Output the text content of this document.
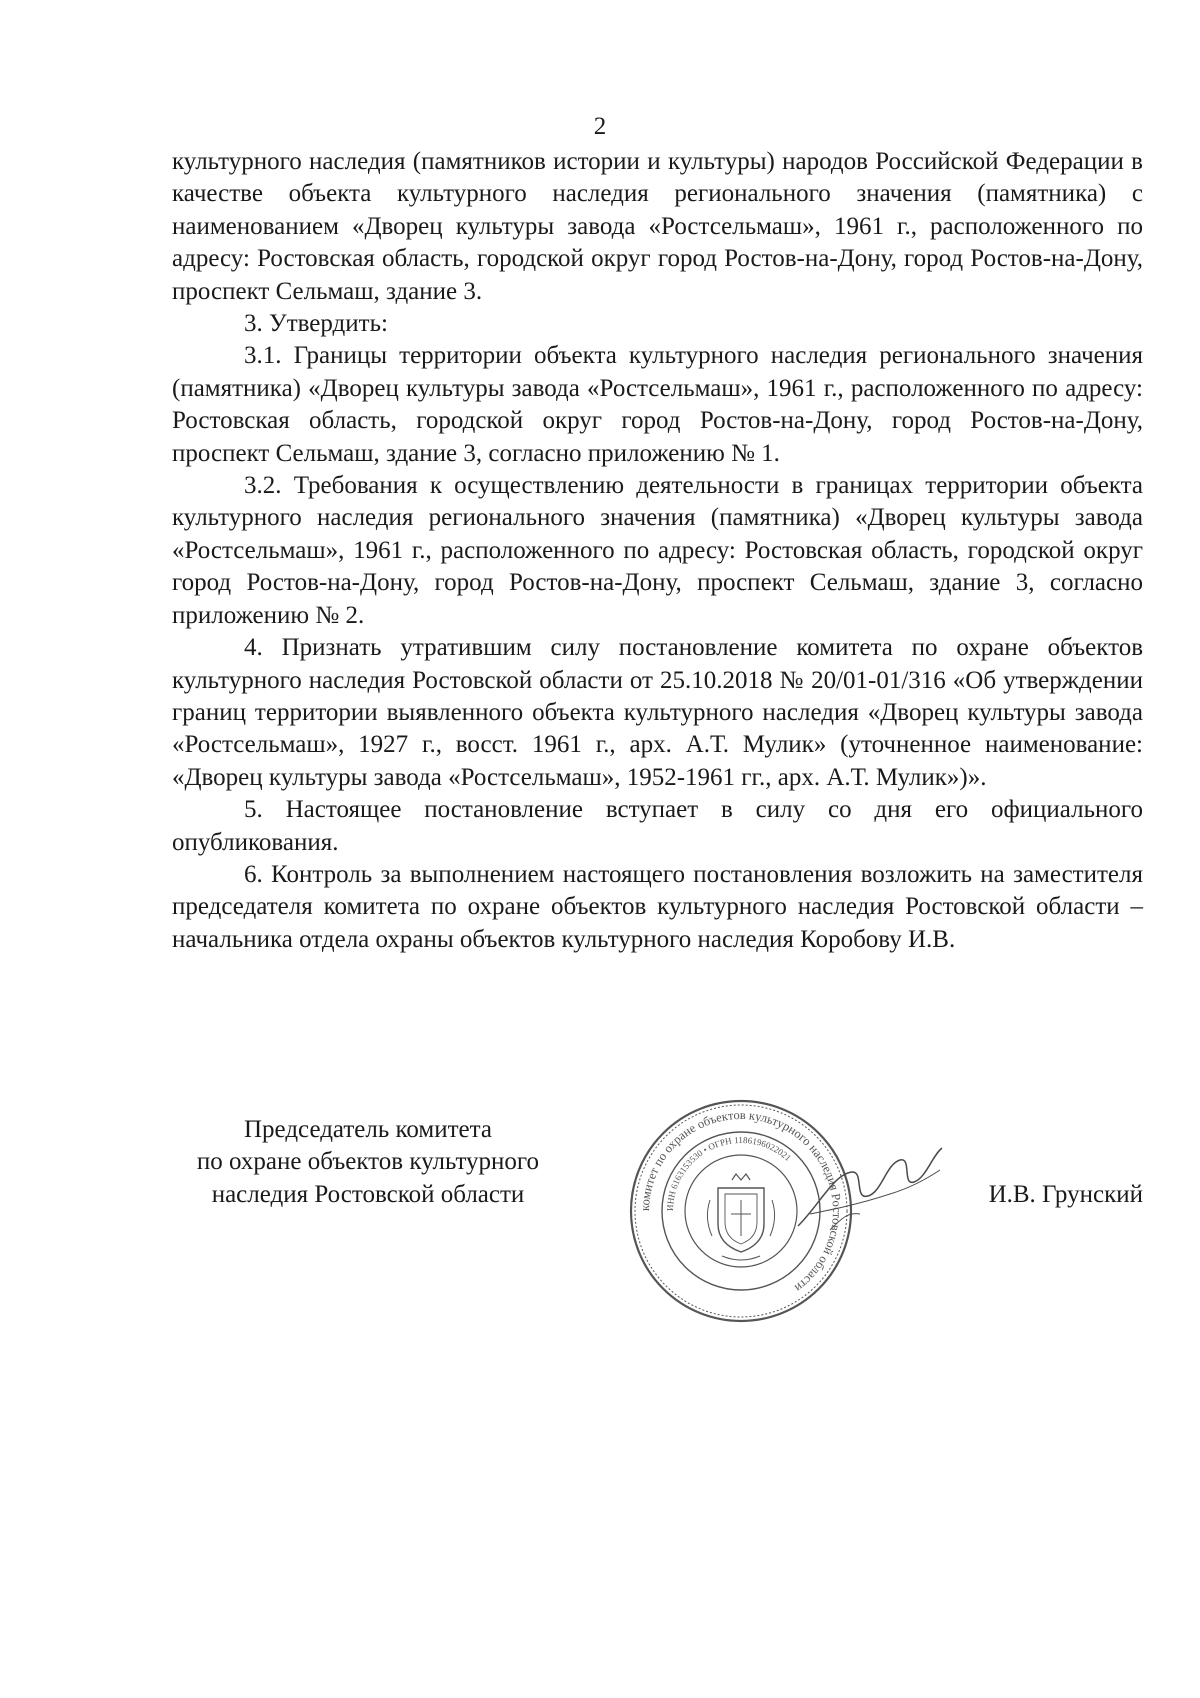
2

культурного наследия (памятников истории и культуры) народов Российской Федерации в качестве объекта культурного наследия регионального значения (памятника) с наименованием «Дворец культуры завода «Ростсельмаш», 1961 г., расположенного по адресу: Ростовская область, городской округ город Ростов-на-Дону, город Ростов-на-Дону, проспект Сельмаш, здание 3.

3. Утвердить:

3.1. Границы территории объекта культурного наследия регионального значения (памятника) «Дворец культуры завода «Ростсельмаш», 1961 г., расположенного по адресу: Ростовская область, городской округ город Ростов-на-Дону, город Ростов-на-Дону, проспект Сельмаш, здание 3, согласно приложению № 1.

3.2. Требования к осуществлению деятельности в границах территории объекта культурного наследия регионального значения (памятника) «Дворец культуры завода «Ростсельмаш», 1961 г., расположенного по адресу: Ростовская область, городской округ город Ростов-на-Дону, город Ростов-на-Дону, проспект Сельмаш, здание 3, согласно приложению № 2.

4. Признать утратившим силу постановление комитета по охране объектов культурного наследия Ростовской области от 25.10.2018 № 20/01-01/316 «Об утверждении границ территории выявленного объекта культурного наследия «Дворец культуры завода «Ростсельмаш», 1927 г., восст. 1961 г., арх. А.Т. Мулик» (уточненное наименование: «Дворец культуры завода «Ростсельмаш», 1952-1961 гг., арх. А.Т. Мулик»)».

5. Настоящее постановление вступает в силу со дня его официального опубликования.

6. Контроль за выполнением настоящего постановления возложить на заместителя председателя комитета по охране объектов культурного наследия Ростовской области – начальника отдела охраны объектов культурного наследия Коробову И.В.

Председатель комитета
по охране объектов культурного
наследия Ростовской области
комитет по охране объектов культурного наследия Ростовской области
ИНН 6163153530 • ОГРН 1186196022021
И.В. Грунский
